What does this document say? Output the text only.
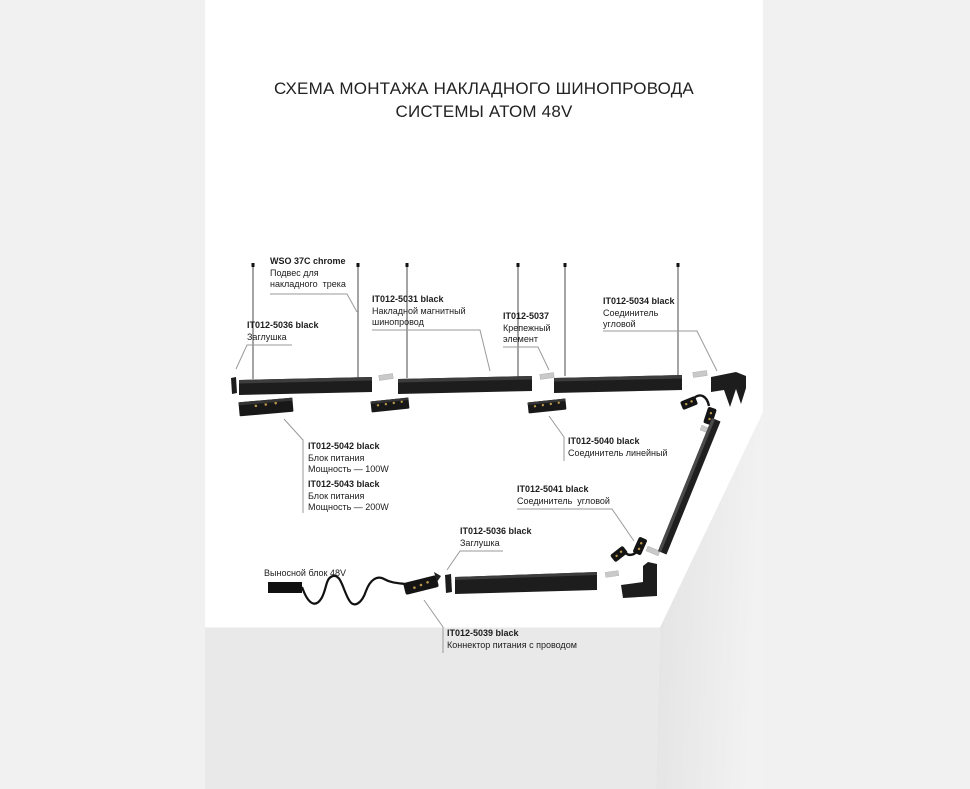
СХЕМА МОНТАЖА НАКЛАДНОГО ШИНОПРОВОДА
СИСТЕМЫ АТОМ 48V
WSO 37C chrome
Подвес для
накладного  трека
IT012-5036 black
Заглушка
IT012-5031 black
Накладной магнитный
шинопровод
IT012-5037
Крепежный
элемент
IT012-5034 black
Соединитель
угловой
IT012-5042 black
Блок питания
Мощность — 100W
IT012-5043 black
Блок питания
Мощность — 200W
IT012-5040 black
Соединитель линейный
IT012-5041 black
Соединитель  угловой
IT012-5036 black
Заглушка
Выносной блок 48V
IT012-5039 black
Коннектор питания с проводом
